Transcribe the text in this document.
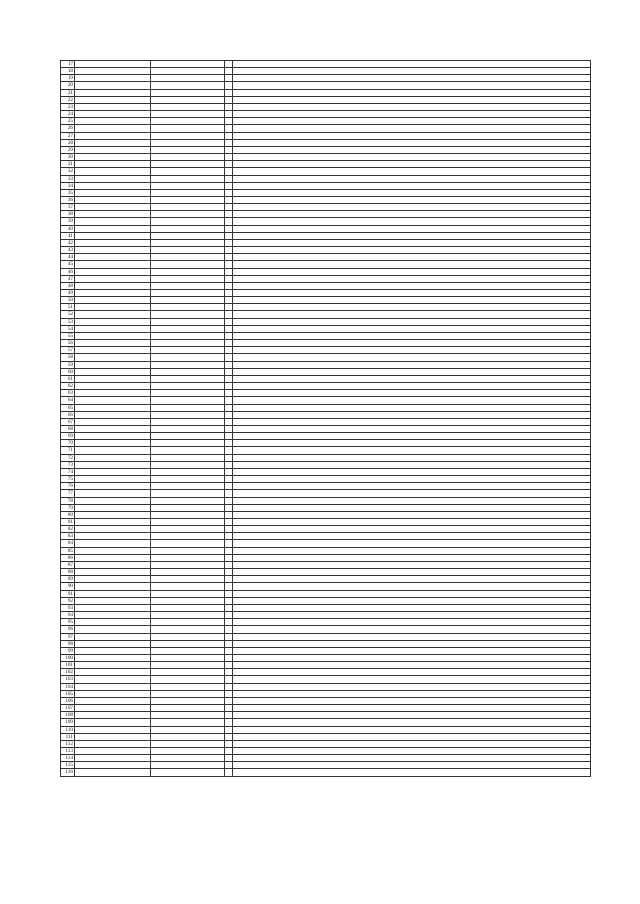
17				
18				
19				
20				
21				
22				
23				
24				
25				
26				
27				
28				
29				
30				
31				
32				
33				
34				
35				
36				
37				
38				
39				
40				
41				
42				
43				
44				
45				
46				
47				
48				
49				
50				
51				
52				
53				
54				
55				
56				
57				
58				
59				
60				
61				
62				
63				
64				
65				
66				
67				
68				
69				
70				
71				
72				
73				
74				
75				
76				
77				
78				
79				
80				
81				
82				
83				
84				
85				
86				
87				
88				
89				
90				
91				
92				
93				
94				
95				
96				
97				
98				
99				
100				
101				
102				
103				
104				
105				
106				
107				
108				
109				
110				
111				
112				
113				
114				
115				
116				
